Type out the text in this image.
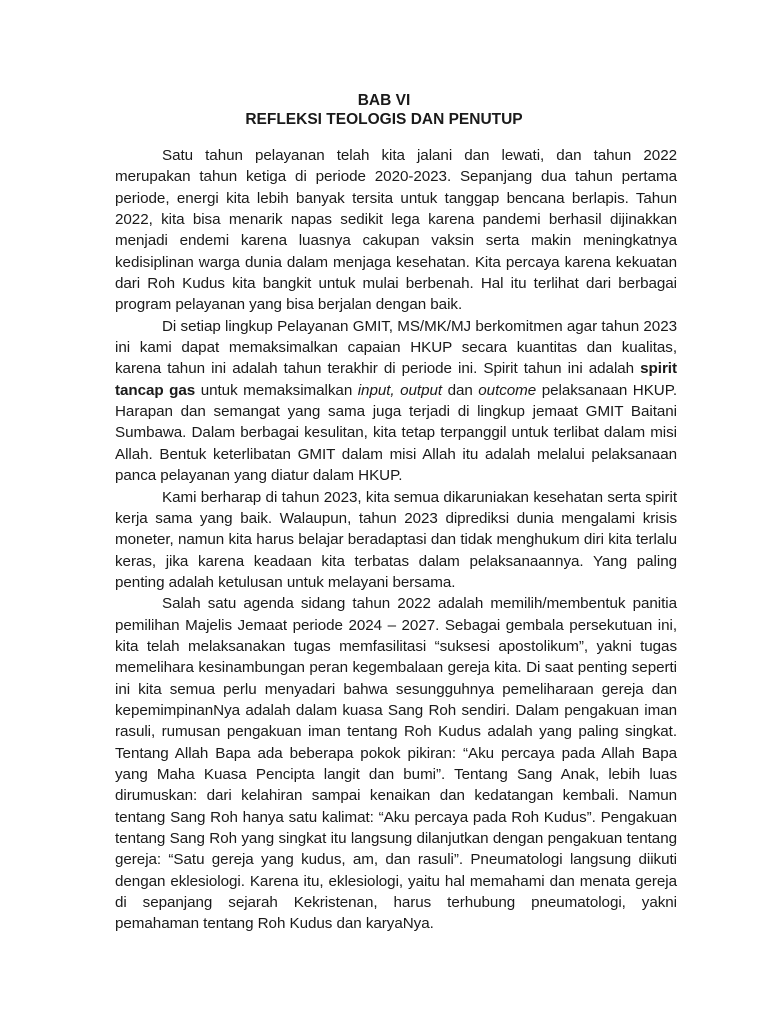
BAB VI
REFLEKSI TEOLOGIS DAN PENUTUP

Satu tahun pelayanan telah kita jalani dan lewati, dan tahun 2022 merupakan tahun ketiga di periode 2020-2023. Sepanjang dua tahun pertama periode, energi kita lebih banyak tersita untuk tanggap bencana berlapis. Tahun 2022, kita bisa menarik napas sedikit lega karena pandemi berhasil dijinakkan menjadi endemi karena luasnya cakupan vaksin serta makin meningkatnya kedisiplinan warga dunia dalam menjaga kesehatan. Kita percaya karena kekuatan dari Roh Kudus kita bangkit untuk mulai berbenah. Hal itu terlihat dari berbagai program pelayanan yang bisa berjalan dengan baik.

Di setiap lingkup Pelayanan GMIT, MS/MK/MJ berkomitmen agar tahun 2023 ini kami dapat memaksimalkan capaian HKUP secara kuantitas dan kualitas, karena tahun ini adalah tahun terakhir di periode ini. Spirit tahun ini adalah spirit tancap gas untuk memaksimalkan input, output dan outcome pelaksanaan HKUP. Harapan dan semangat yang sama juga terjadi di lingkup jemaat GMIT Baitani Sumbawa. Dalam berbagai kesulitan, kita tetap terpanggil untuk terlibat dalam misi Allah. Bentuk keterlibatan GMIT dalam misi Allah itu adalah melalui pelaksanaan panca pelayanan yang diatur dalam HKUP.

Kami berharap di tahun 2023, kita semua dikaruniakan kesehatan serta spirit kerja sama yang baik. Walaupun, tahun 2023 diprediksi dunia mengalami krisis moneter, namun kita harus belajar beradaptasi dan tidak menghukum diri kita terlalu keras, jika karena keadaan kita terbatas dalam pelaksanaannya. Yang paling penting adalah ketulusan untuk melayani bersama.

Salah satu agenda sidang tahun 2022 adalah memilih/membentuk panitia pemilihan Majelis Jemaat periode 2024 – 2027. Sebagai gembala persekutuan ini, kita telah melaksanakan tugas memfasilitasi “suksesi apostolikum”, yakni tugas memelihara kesinambungan peran kegembalaan gereja kita. Di saat penting seperti ini kita semua perlu menyadari bahwa sesungguhnya pemeliharaan gereja dan kepemimpinanNya adalah dalam kuasa Sang Roh sendiri. Dalam pengakuan iman rasuli, rumusan pengakuan iman tentang Roh Kudus adalah yang paling singkat. Tentang Allah Bapa ada beberapa pokok pikiran: “Aku percaya pada Allah Bapa yang Maha Kuasa Pencipta langit dan bumi”. Tentang Sang Anak, lebih luas dirumuskan: dari kelahiran sampai kenaikan dan kedatangan kembali. Namun tentang Sang Roh hanya satu kalimat: “Aku percaya pada Roh Kudus”. Pengakuan tentang Sang Roh yang singkat itu langsung dilanjutkan dengan pengakuan tentang gereja: “Satu gereja yang kudus, am, dan rasuli”. Pneumatologi langsung diikuti dengan eklesiologi. Karena itu, eklesiologi, yaitu hal memahami dan menata gereja di sepanjang sejarah Kekristenan, harus terhubung pneumatologi, yakni pemahaman tentang Roh Kudus dan karyaNya.
